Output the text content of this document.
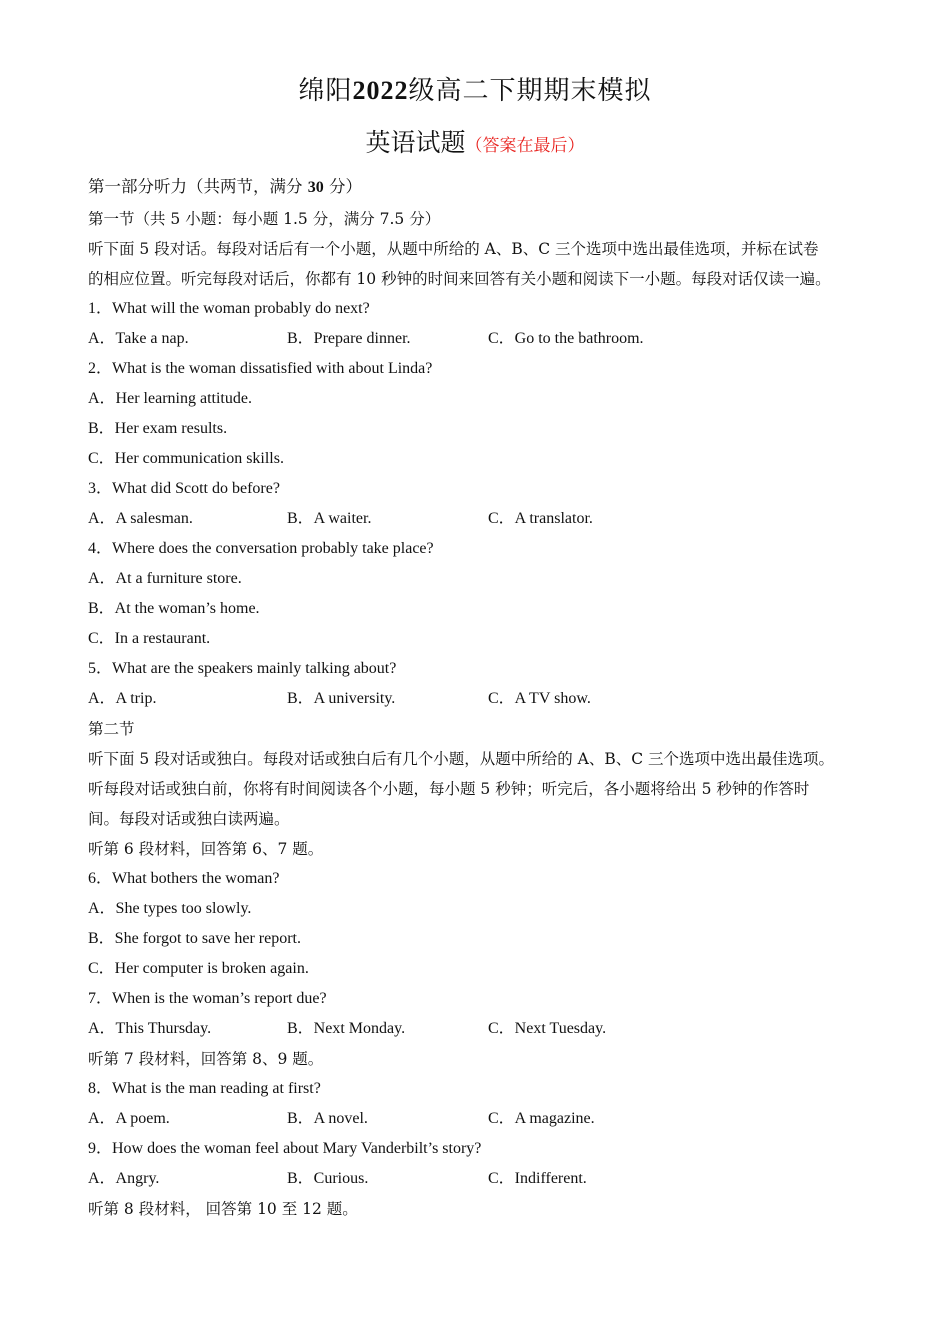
绵阳2022级高二下期期末模拟
英语试题（答案在最后）
第一部分听力（共两节，满分 30 分）
第一节（共 5 小题：每小题 1.5 分，满分 7.5 分）
听下面 5 段对话。每段对话后有一个小题，从题中所给的 A、B、C 三个选项中选出最佳选项，并标在试卷
的相应位置。听完每段对话后，你都有 10 秒钟的时间来回答有关小题和阅读下一小题。每段对话仅读一遍。
1．What will the woman probably do next?
A．Take a nap.	B．Prepare dinner.	C．Go to the bathroom.
2．What is the woman dissatisfied with about Linda?
A．Her learning attitude.
B．Her exam results.
C．Her communication skills.
3．What did Scott do before?
A．A salesman.	B．A waiter.	C．A translator.
4．Where does the conversation probably take place?
A．At a furniture store.
B．At the woman’s home.
C．In a restaurant.
5．What are the speakers mainly talking about?
A．A trip.	B．A university.	C．A TV show.
第二节
听下面 5 段对话或独白。每段对话或独白后有几个小题，从题中所给的 A、B、C 三个选项中选出最佳选项。
听每段对话或独白前，你将有时间阅读各个小题，每小题 5 秒钟；听完后，各小题将给出 5 秒钟的作答时
间。每段对话或独白读两遍。
听第 6 段材料，回答第 6、7 题。
6．What bothers the woman?
A．She types too slowly.
B．She forgot to save her report.
C．Her computer is broken again.
7．When is the woman’s report due?
A．This Thursday.	B．Next Monday.	C．Next Tuesday.
听第 7 段材料，回答第 8、9 题。
8．What is the man reading at first?
A．A poem.	B．A novel.	C．A magazine.
9．How does the woman feel about Mary Vanderbilt’s story?
A．Angry.	B．Curious.	C．Indifferent.
听第 8 段材料， 回答第 10 至 12 题。
